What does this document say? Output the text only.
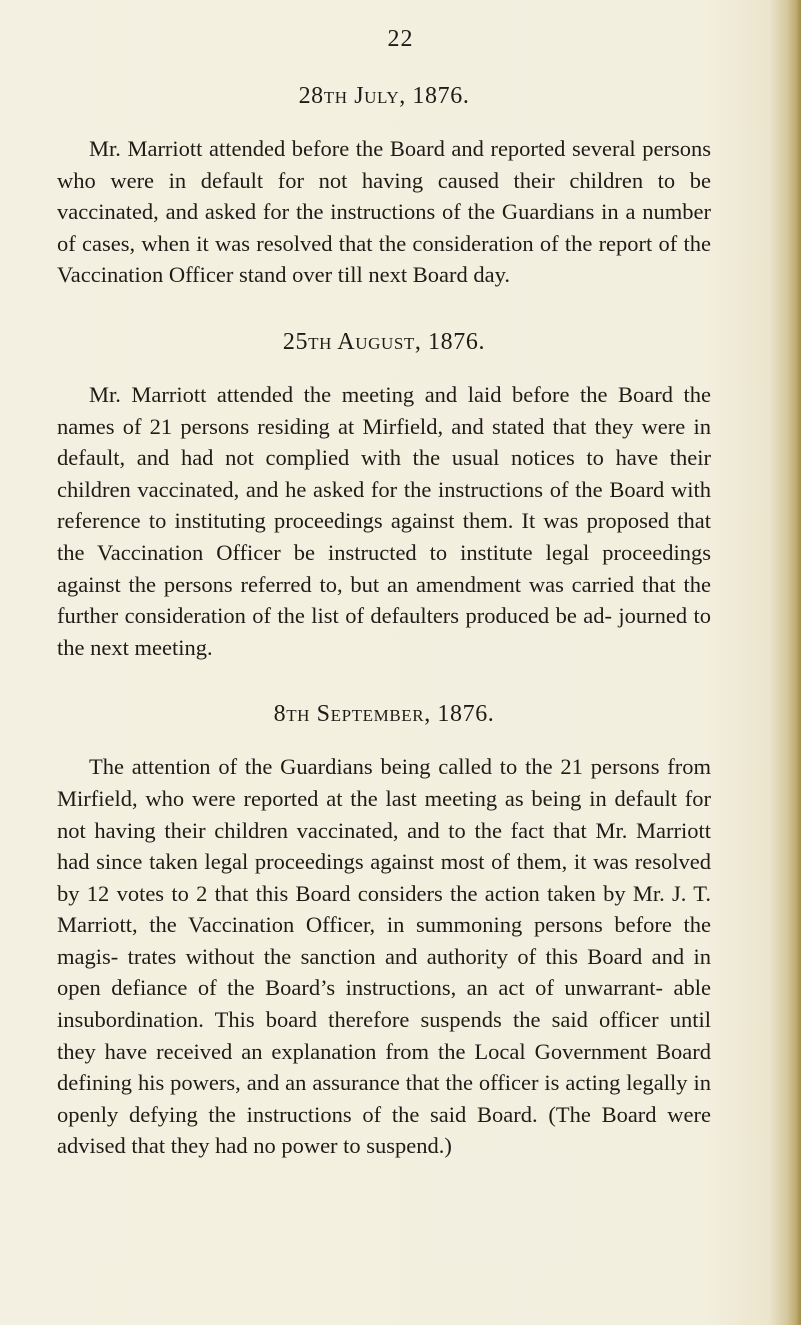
22
28th July, 1876.

Mr. Marriott attended before the Board and reported several persons who were in default for not having caused their children to be vaccinated, and asked for the instructions of the Guardians in a number of cases, when it was resolved that the consideration of the report of the Vaccination Officer stand over till next Board day.

25th August, 1876.

Mr. Marriott attended the meeting and laid before the Board the names of 21 persons residing at Mirfield, and stated that they were in default, and had not complied with the usual notices to have their children vaccinated, and he asked for the instructions of the Board with reference to instituting proceedings against them. It was proposed that the Vaccination Officer be instructed to institute legal proceedings against the persons referred to, but an amendment was carried that the further consideration of the list of defaulters produced be ad- journed to the next meeting.

8th September, 1876.

The attention of the Guardians being called to the 21 persons from Mirfield, who were reported at the last meeting as being in default for not having their children vaccinated, and to the fact that Mr. Marriott had since taken legal proceedings against most of them, it was resolved by 12 votes to 2 that this Board considers the action taken by Mr. J. T. Marriott, the Vaccination Officer, in summoning persons before the magis- trates without the sanction and authority of this Board and in open defiance of the Board’s instructions, an act of unwarrant- able insubordination. This board therefore suspends the said officer until they have received an explanation from the Local Government Board defining his powers, and an assurance that the officer is acting legally in openly defying the instructions of the said Board. (The Board were advised that they had no power to suspend.)
